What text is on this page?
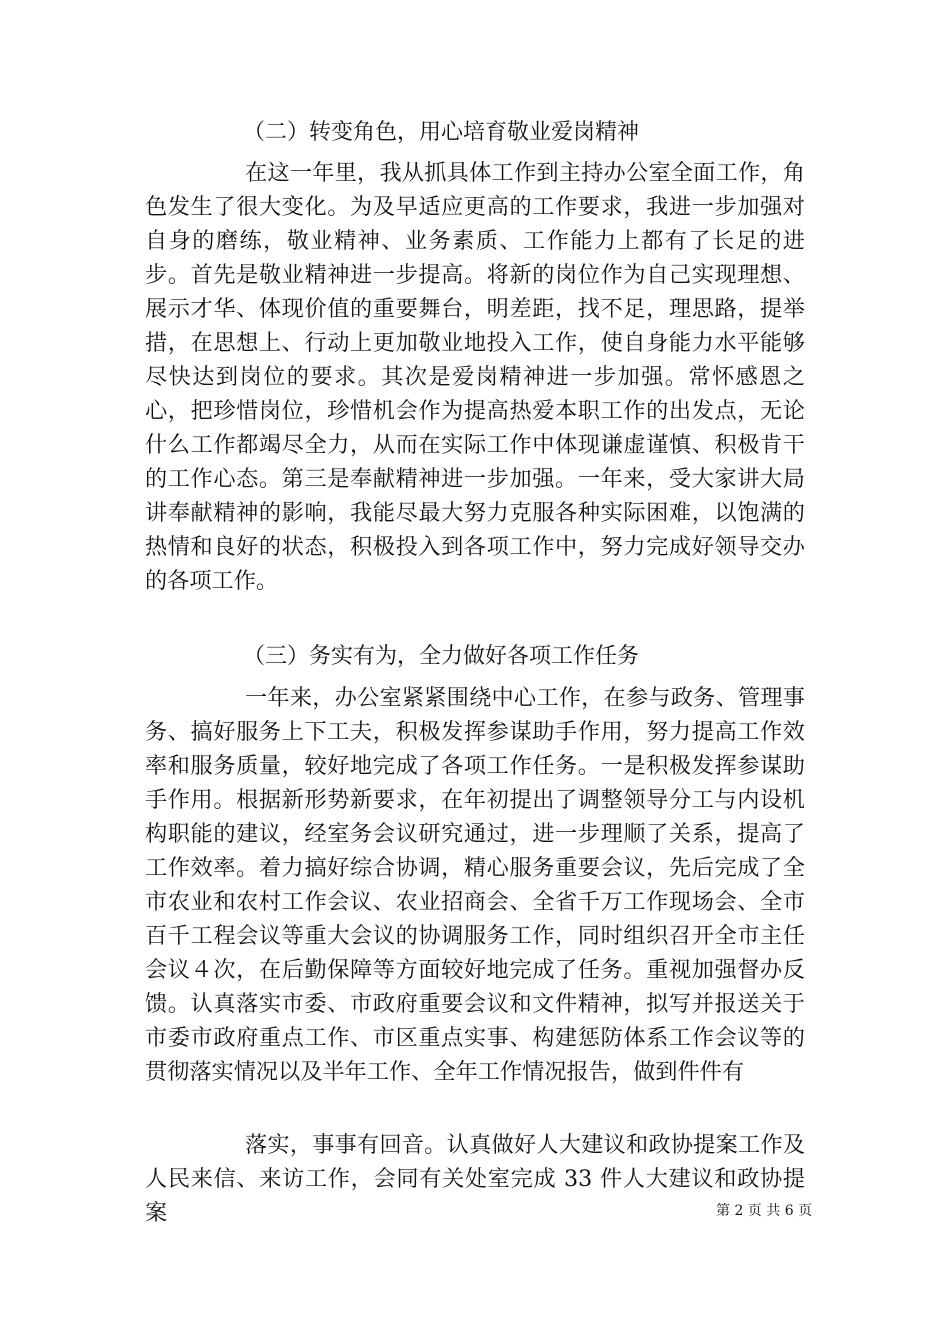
（二）转变角色，用心培育敬业爱岗精神
在这一年里，我从抓具体工作到主持办公室全面工作，角色发生了很大变化。为及早适应更高的工作要求，我进一步加强对自身的磨练，敬业精神、业务素质、工作能力上都有了长足的进步。首先是敬业精神进一步提高。将新的岗位作为自己实现理想、展示才华、体现价值的重要舞台，明差距，找不足，理思路，提举措，在思想上、行动上更加敬业地投入工作，使自身能力水平能够尽快达到岗位的要求。其次是爱岗精神进一步加强。常怀感恩之心，把珍惜岗位，珍惜机会作为提高热爱本职工作的出发点，无论什么工作都竭尽全力，从而在实际工作中体现谦虚谨慎、积极肯干的工作心态。第三是奉献精神进一步加强。一年来，受大家讲大局讲奉献精神的影响，我能尽最大努力克服各种实际困难，以饱满的热情和良好的状态，积极投入到各项工作中，努力完成好领导交办的各项工作。
（三）务实有为，全力做好各项工作任务
一年来，办公室紧紧围绕中心工作，在参与政务、管理事务、搞好服务上下工夫，积极发挥参谋助手作用，努力提高工作效率和服务质量，较好地完成了各项工作任务。一是积极发挥参谋助手作用。根据新形势新要求，在年初提出了调整领导分工与内设机构职能的建议，经室务会议研究通过，进一步理顺了关系，提高了工作效率。着力搞好综合协调，精心服务重要会议，先后完成了全市农业和农村工作会议、农业招商会、全省千万工作现场会、全市百千工程会议等重大会议的协调服务工作，同时组织召开全市主任会议４次，在后勤保障等方面较好地完成了任务。重视加强督办反馈。认真落实市委、市政府重要会议和文件精神，拟写并报送关于市委市政府重点工作、市区重点实事、构建惩防体系工作会议等的贯彻落实情况以及半年工作、全年工作情况报告，做到件件有
落实，事事有回音。认真做好人大建议和政协提案工作及人民来信、来访工作，会同有关处室完成 33 件人大建议和政协提案	第 2 页 共 6 页
